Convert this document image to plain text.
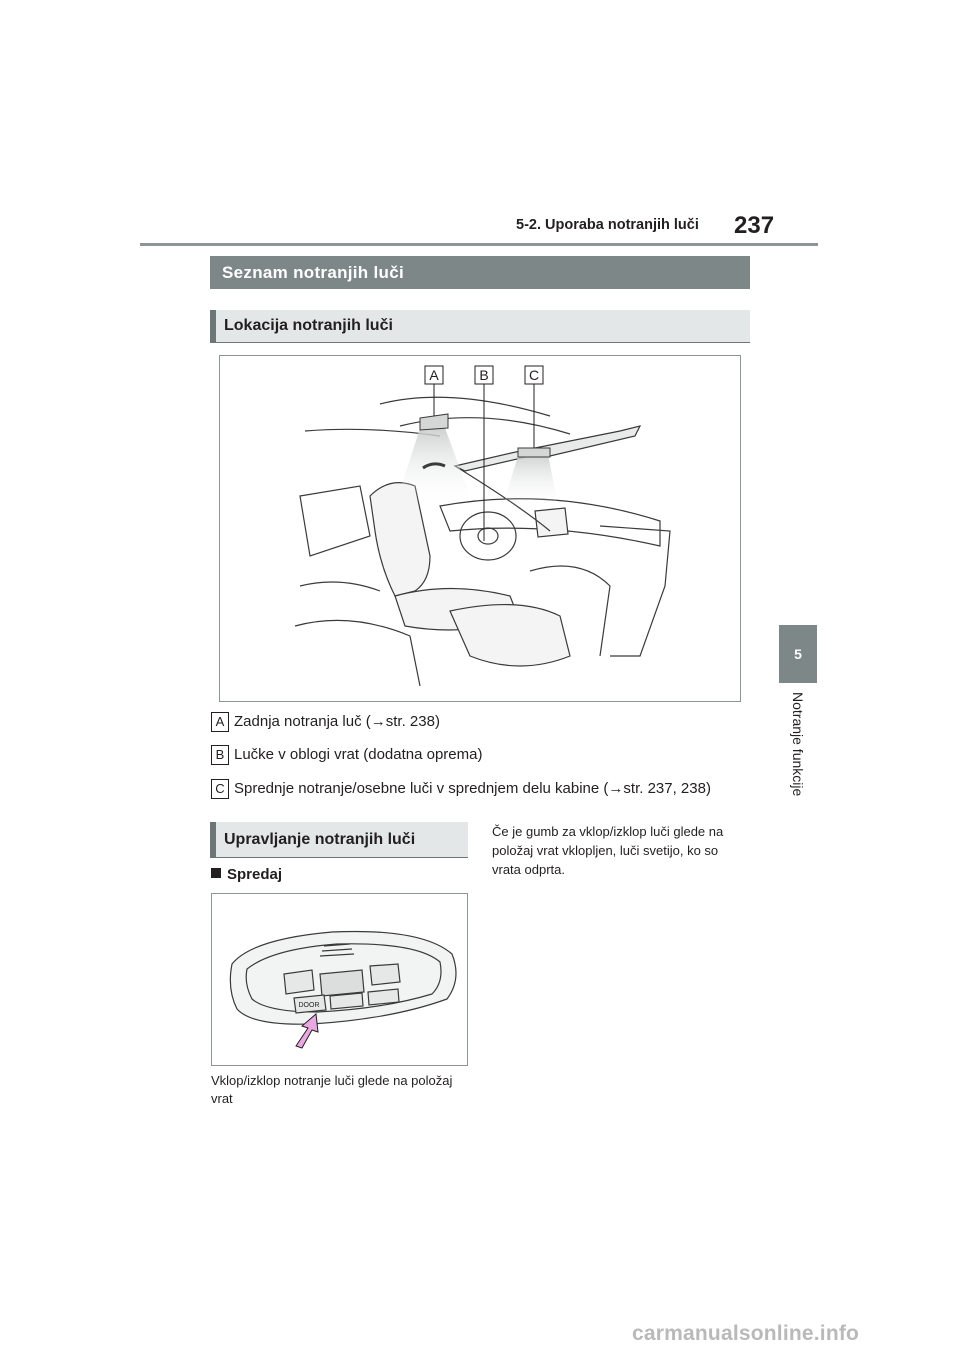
5-2. Uporaba notranjih luči 237
5
Notranje funkcije
Seznam notranjih luči
Lokacija notranjih luči
A	B	C
A Zadnja notranja luč (→str. 238)
B Lučke v oblogi vrat (dodatna oprema)
C Sprednje notranje/osebne luči v sprednjem delu kabine (→str. 237, 238)
Upravljanje notranjih luči
Spredaj
DOOR
Vklop/izklop notranje luči glede na položaj vrat
Če je gumb za vklop/izklop luči glede na položaj vrat vklopljen, luči svetijo, ko so vrata odprta.
carmanualsonline.info
